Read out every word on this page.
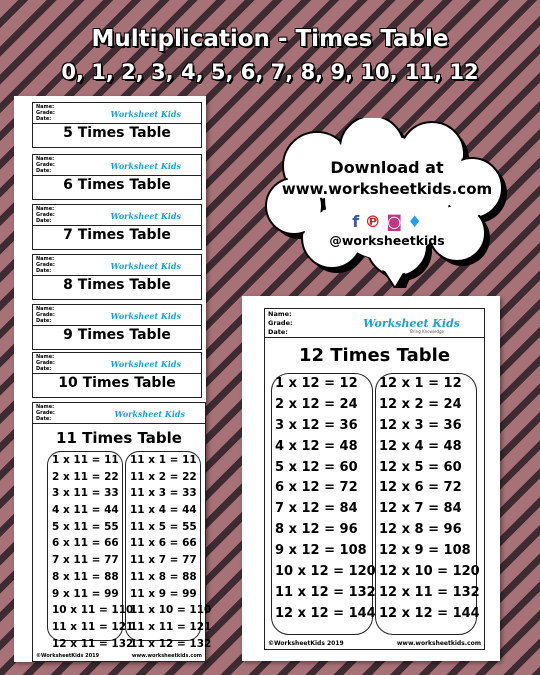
Multiplication - Times Table
0, 1, 2, 3, 4, 5, 6, 7, 8, 9, 10, 11, 12
Name:
Grade:
Date:	Worksheet Kids
5 Times Table
Name:
Grade:
Date:	Worksheet Kids
6 Times Table
Name:
Grade:
Date:	Worksheet Kids
7 Times Table
Name:
Grade:
Date:	Worksheet Kids
8 Times Table
Name:
Grade:
Date:	Worksheet Kids
9 Times Table
Name:
Grade:
Date:	Worksheet Kids
10 Times Table
Name:
Grade:
Date:	Worksheet Kids
11 Times Table
1 x 11 = 11
2 x 11 = 22
3 x 11 = 33
4 x 11 = 44
5 x 11 = 55
6 x 11 = 66
7 x 11 = 77
8 x 11 = 88
9 x 11 = 99
10 x 11 = 110
11 x 11 = 121
12 x 11 = 132
11 x 1 = 11
11 x 2 = 22
11 x 3 = 33
11 x 4 = 44
11 x 5 = 55
11 x 6 = 66
11 x 7 = 77
11 x 8 = 88
11 x 9 = 99
11 x 10 = 110
11 x 11 = 121
11 x 12 = 132
©WorksheetKids 2019	www.worksheetkids.com
Download at
www.worksheetkids.com
f ℗ ◙ ♦
@worksheetkids
Name:
Grade:
Date:
Worksheet Kids
Bring Knowledge
12 Times Table
1 x 12 = 12
2 x 12 = 24
3 x 12 = 36
4 x 12 = 48
5 x 12 = 60
6 x 12 = 72
7 x 12 = 84
8 x 12 = 96
9 x 12 = 108
10 x 12 = 120
11 x 12 = 132
12 x 12 = 144
12 x 1 = 12
12 x 2 = 24
12 x 3 = 36
12 x 4 = 48
12 x 5 = 60
12 x 6 = 72
12 x 7 = 84
12 x 8 = 96
12 x 9 = 108
12 x 10 = 120
12 x 11 = 132
12 x 12 = 144
©WorksheetKids 2019	www.worksheetkids.com
